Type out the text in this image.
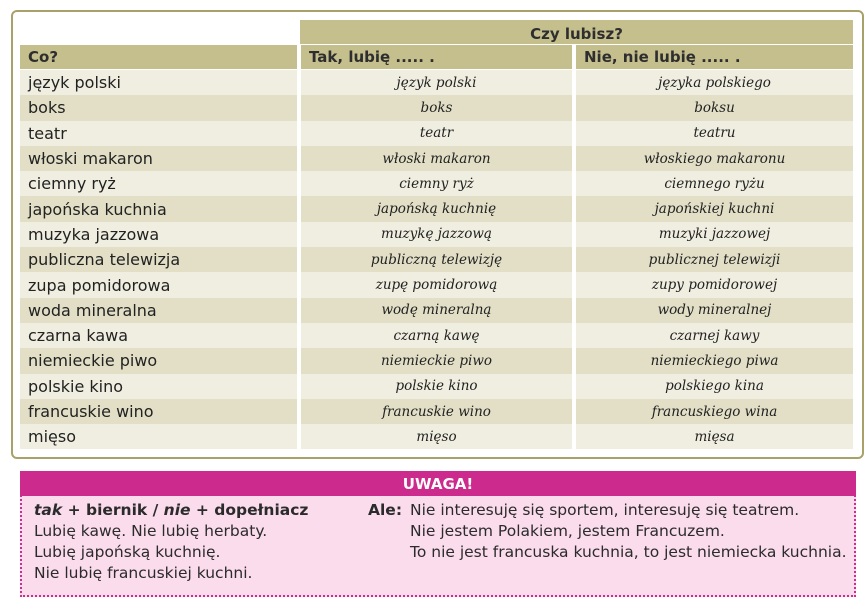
Czy lubisz?
Co?	Tak, lubię ..... .	Nie, nie lubię ..... .
język polski	język polski	języka polskiego
boks	boks	boksu
teatr	teatr	teatru
włoski makaron	włoski makaron	włoskiego makaronu
ciemny ryż	ciemny ryż	ciemnego ryżu
japońska kuchnia	japońską kuchnię	japońskiej kuchni
muzyka jazzowa	muzykę jazzową	muzyki jazzowej
publiczna telewizja	publiczną telewizję	publicznej telewizji
zupa pomidorowa	zupę pomidorową	zupy pomidorowej
woda mineralna	wodę mineralną	wody mineralnej
czarna kawa	czarną kawę	czarnej kawy
niemieckie piwo	niemieckie piwo	niemieckiego piwa
polskie kino	polskie kino	polskiego kina
francuskie wino	francuskie wino	francuskiego wina
mięso	mięso	mięsa
UWAGA!
tak + biernik / nie + dopełniacz
Lubię kawę. Nie lubię herbaty.
Lubię japońską kuchnię.
Nie lubię francuskiej kuchni.
Ale: Nie interesuję się sportem, interesuję się teatrem.
Nie jestem Polakiem, jestem Francuzem.
To nie jest francuska kuchnia, to jest niemiecka kuchnia.
